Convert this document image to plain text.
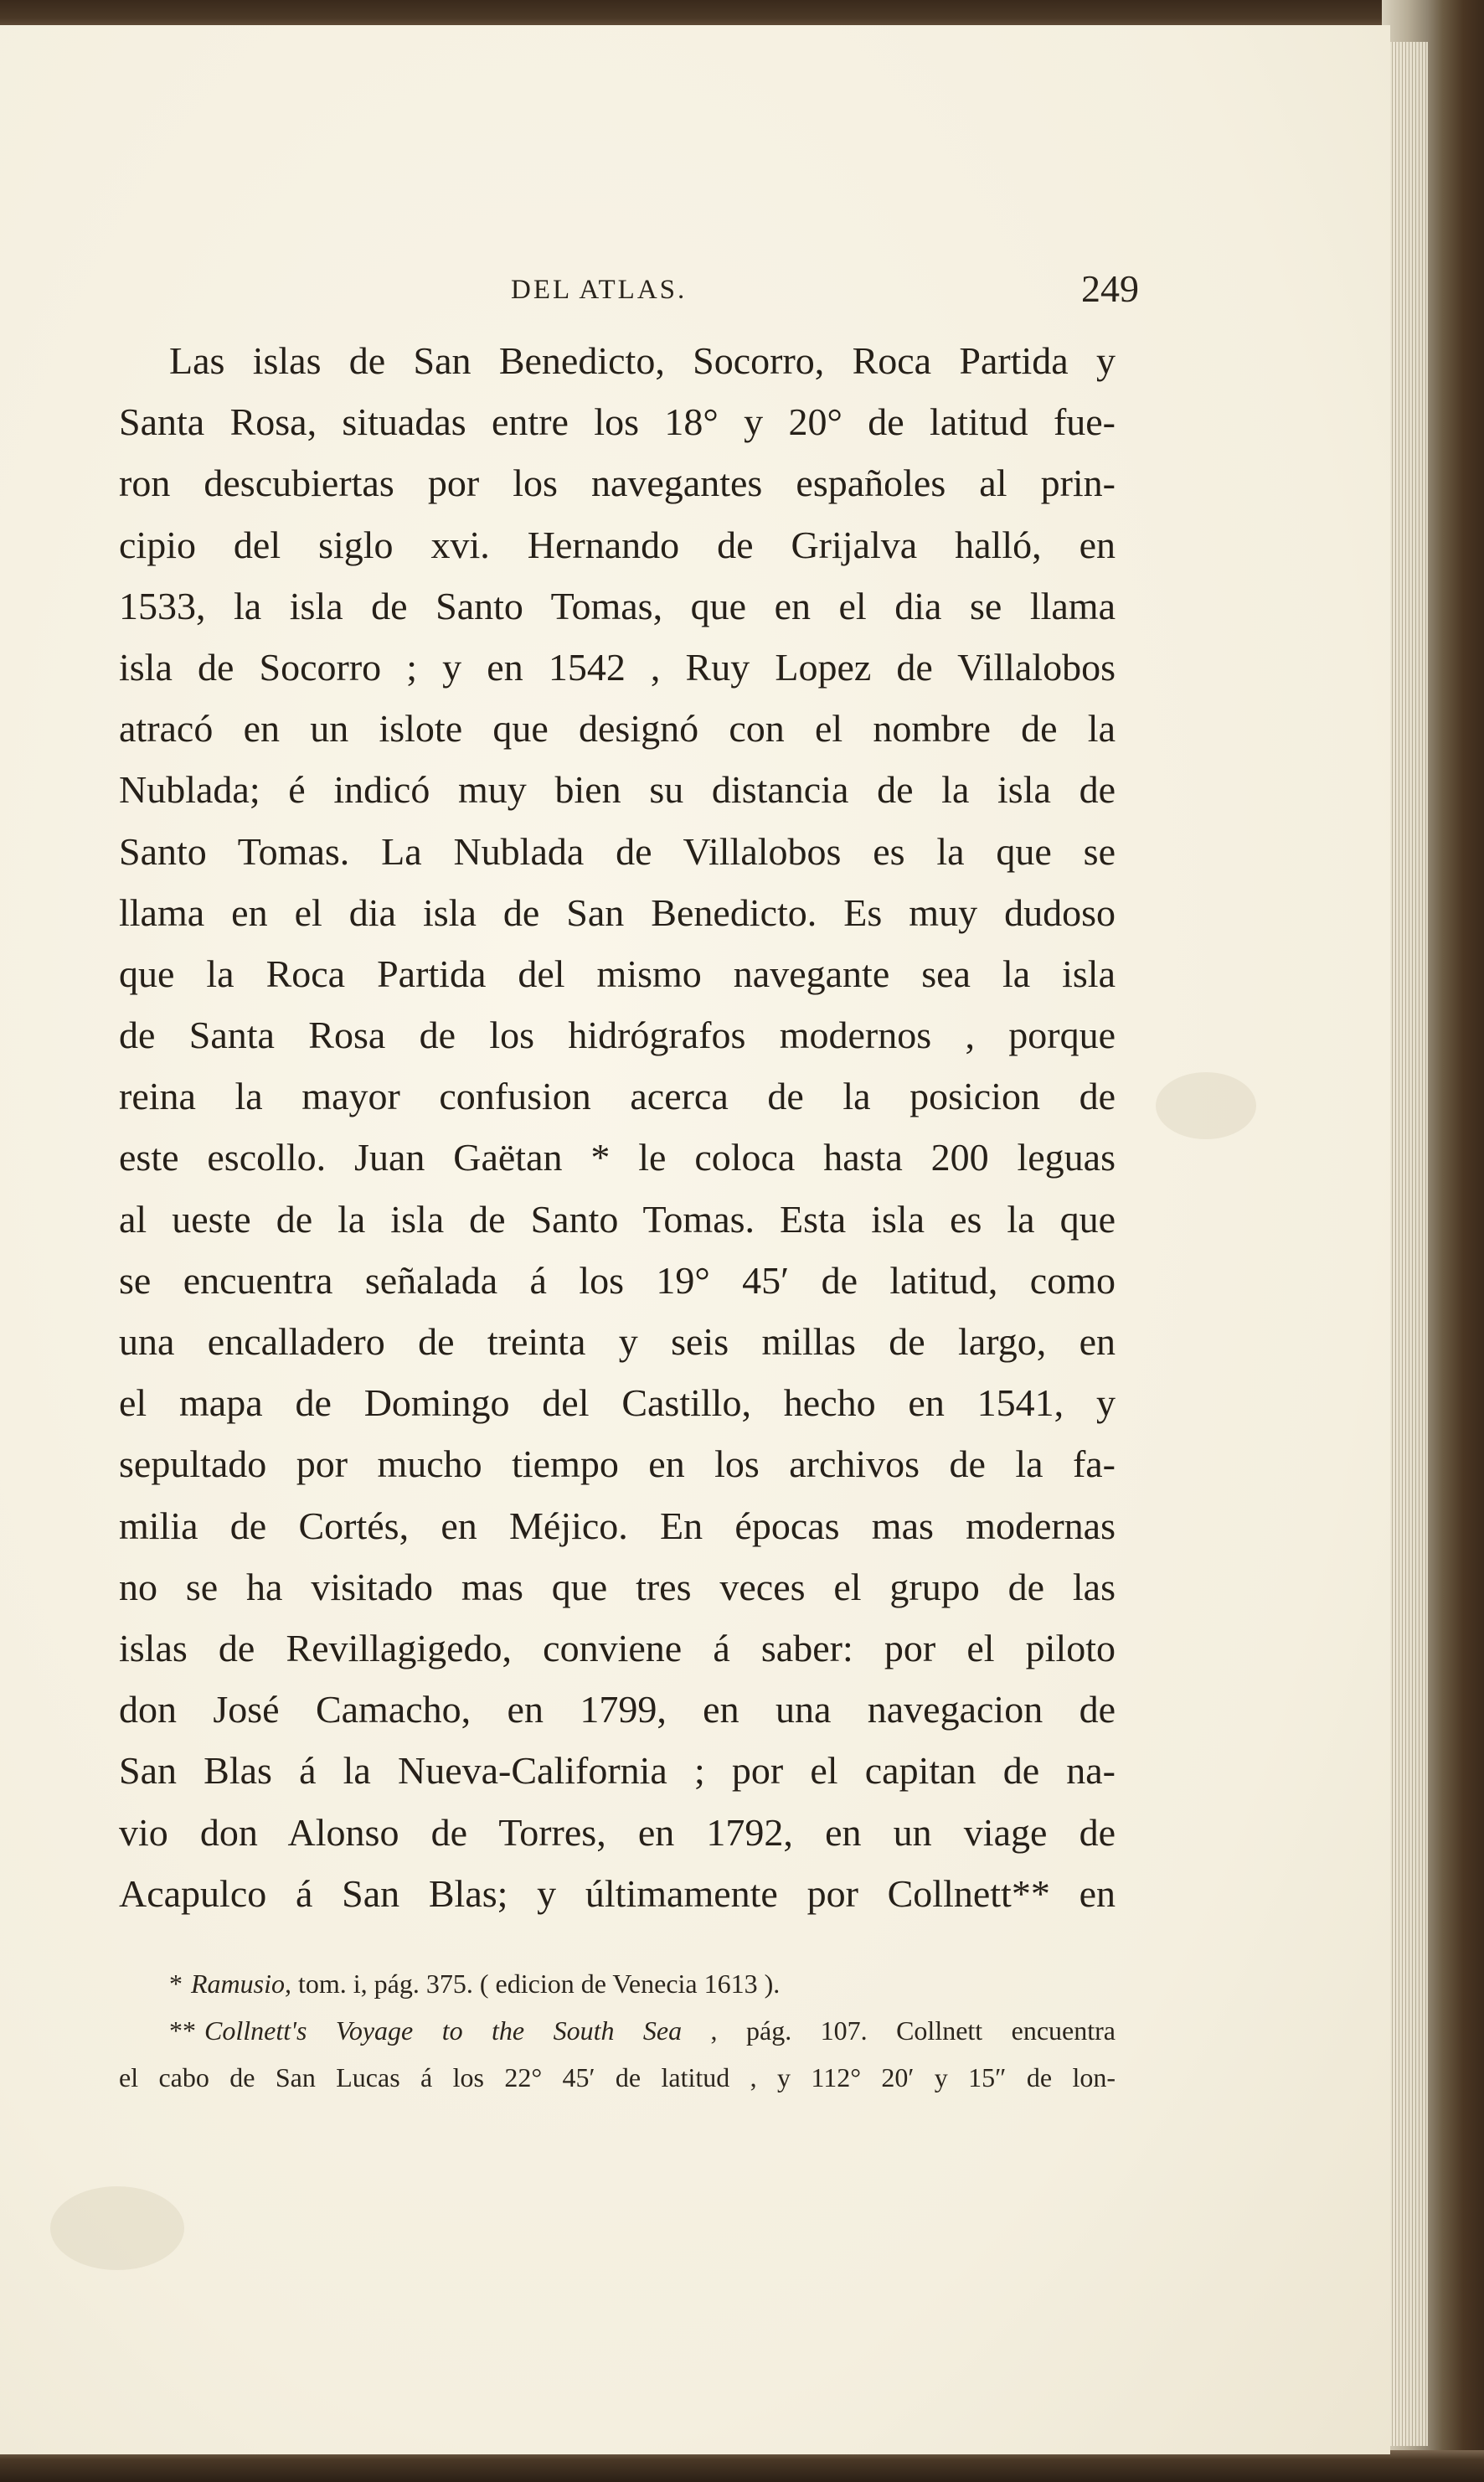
DEL ATLAS.	249
Las islas de San Benedicto, Socorro, Roca Partida y
Santa Rosa, situadas entre los 18° y 20° de latitud fue-
ron descubiertas por los navegantes españoles al prin-
cipio del siglo xvi. Hernando de Grijalva halló, en
1533, la isla de Santo Tomas, que en el dia se llama
isla de Socorro ; y en 1542 , Ruy Lopez de Villalobos
atracó en un islote que designó con el nombre de la
Nublada; é indicó muy bien su distancia de la isla de
Santo Tomas. La Nublada de Villalobos es la que se
llama en el dia isla de San Benedicto. Es muy dudoso
que la Roca Partida del mismo navegante sea la isla
de Santa Rosa de los hidrógrafos modernos , porque
reina la mayor confusion acerca de la posicion de
este escollo. Juan Gaëtan * le coloca hasta 200 leguas
al ueste de la isla de Santo Tomas. Esta isla es la que
se encuentra señalada á los 19° 45′ de latitud, como
una encalladero de treinta y seis millas de largo, en
el mapa de Domingo del Castillo, hecho en 1541, y
sepultado por mucho tiempo en los archivos de la fa-
milia de Cortés, en Méjico. En épocas mas modernas
no se ha visitado mas que tres veces el grupo de las
islas de Revillagigedo, conviene á saber: por el piloto
don José Camacho, en 1799, en una navegacion de
San Blas á la Nueva-California ; por el capitan de na-
vio don Alonso de Torres, en 1792, en un viage de
Acapulco á San Blas; y últimamente por Collnett** en
* Ramusio, tom. i, pág. 375. ( edicion de Venecia 1613 ).
** Collnett's Voyage to the South Sea , pág. 107. Collnett encuentra
el cabo de San Lucas á los 22° 45′ de latitud , y 112° 20′ y 15″ de lon-
